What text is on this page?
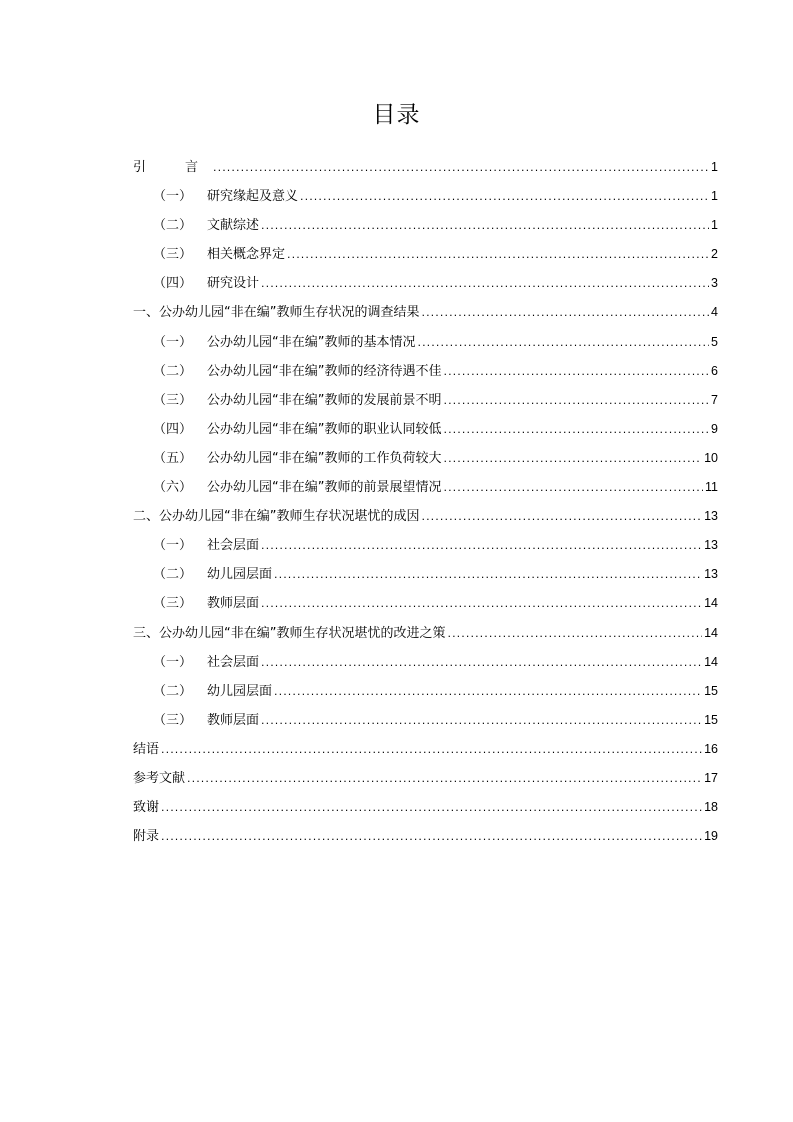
目录
引　言 .....	1
（一）	研究缘起及意义 .....	1
（二）	文献综述 .....	1
（三）	相关概念界定 .....	2
（四）	研究设计 .....	3
一、公办幼儿园“非在编”教师生存状况的调查结果 .....	4
（一）	公办幼儿园“非在编”教师的基本情况 .....	5
（二）	公办幼儿园“非在编”教师的经济待遇不佳 .....	6
（三）	公办幼儿园“非在编”教师的发展前景不明 .....	7
（四）	公办幼儿园“非在编”教师的职业认同较低 .....	9
（五）	公办幼儿园“非在编”教师的工作负荷较大 .....	10
（六）	公办幼儿园“非在编”教师的前景展望情况 .....	11
二、公办幼儿园“非在编”教师生存状况堪忧的成因 .....	13
（一）	社会层面 .....	13
（二）	幼儿园层面 .....	13
（三）	教师层面 .....	14
三、公办幼儿园“非在编”教师生存状况堪忧的改进之策 .....	14
（一）	社会层面 .....	14
（二）	幼儿园层面 .....	15
（三）	教师层面 .....	15
结语 .....	16
参考文献 .....	17
致谢 .....	18
附录 .....	19
